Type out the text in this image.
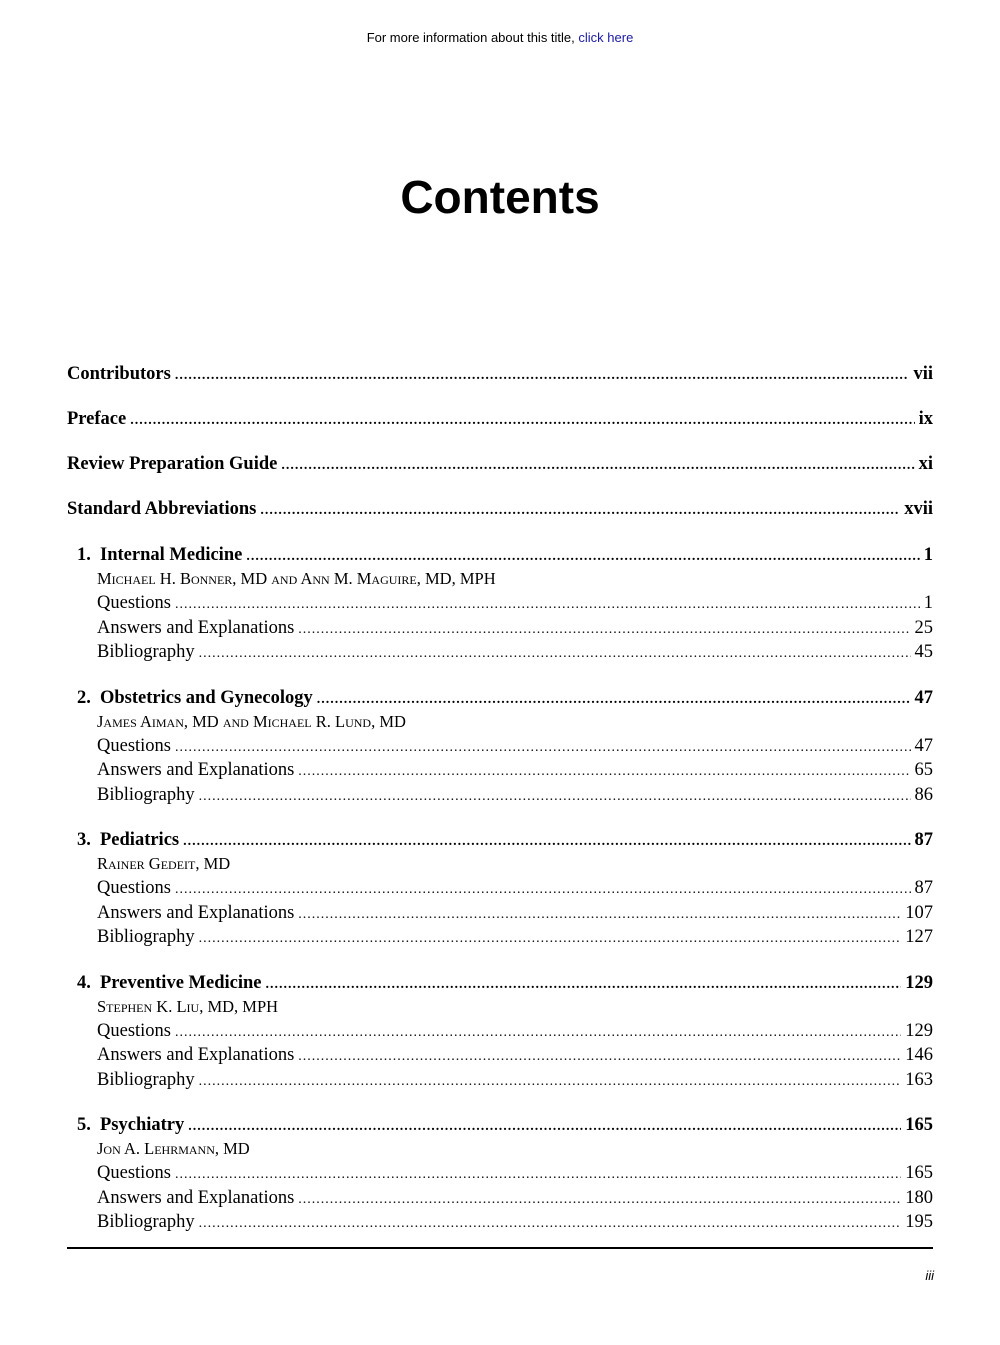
For more information about this title, click here
Contents
Contributors .....	vii
Preface .....	ix
Review Preparation Guide .....	xi
Standard Abbreviations .....	xvii
1. Internal Medicine .....	1
Michael H. Bonner, MD and Ann M. Maguire, MD, MPH
Questions .....	1
Answers and Explanations .....	25
Bibliography .....	45
2. Obstetrics and Gynecology .....	47
James Aiman, MD and Michael R. Lund, MD
Questions .....	47
Answers and Explanations .....	65
Bibliography .....	86
3. Pediatrics .....	87
Rainer Gedeit, MD
Questions .....	87
Answers and Explanations .....	107
Bibliography .....	127
4. Preventive Medicine .....	129
Stephen K. Liu, MD, MPH
Questions .....	129
Answers and Explanations .....	146
Bibliography .....	163
5. Psychiatry .....	165
Jon A. Lehrmann, MD
Questions .....	165
Answers and Explanations .....	180
Bibliography .....	195
iii
